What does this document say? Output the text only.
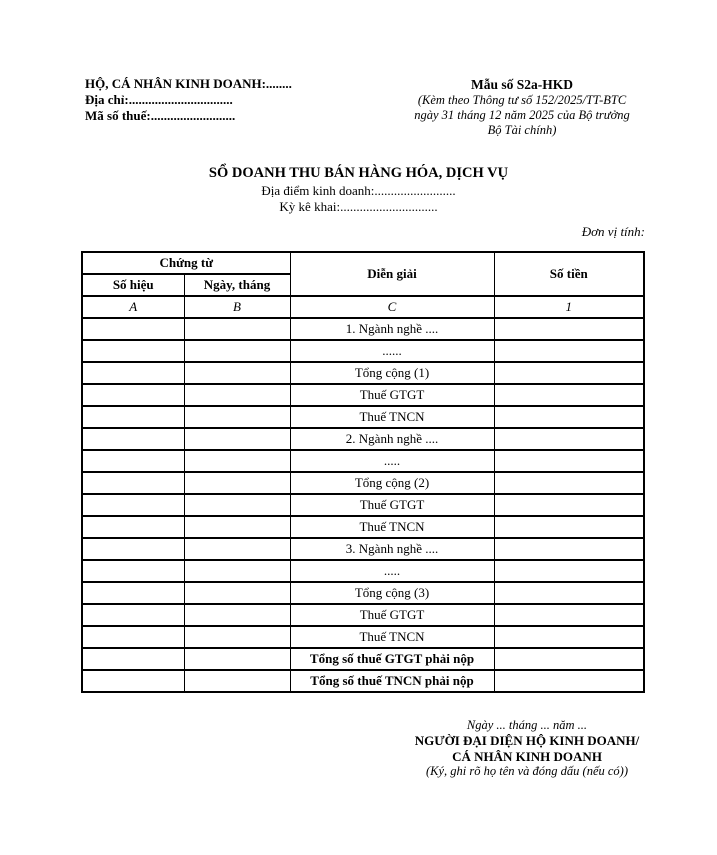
HỘ, CÁ NHÂN KINH DOANH:........
Địa chỉ:................................
Mã số thuế:..........................
Mẫu số S2a-HKD
(Kèm theo Thông tư số 152/2025/TT-BTC
ngày 31 tháng 12 năm 2025 của Bộ trưởng
Bộ Tài chính)
SỔ DOANH THU BÁN HÀNG HÓA, DỊCH VỤ
Địa điểm kinh doanh:.........................
Kỳ kê khai:..............................
Đơn vị tính:
Chứng từ		Diễn giải	Số tiền
Số hiệu	Ngày, tháng		
A	B	C	1
		1. Ngành nghề ....	
		......	
		Tổng cộng (1)	
		Thuế GTGT	
		Thuế TNCN	
		2. Ngành nghề ....	
		.....	
		Tổng cộng (2)	
		Thuế GTGT	
		Thuế TNCN	
		3. Ngành nghề ....	
		.....	
		Tổng cộng (3)	
		Thuế GTGT	
		Thuế TNCN	
		Tổng số thuế GTGT phải nộp	
		Tổng số thuế TNCN phải nộp	
Ngày ... tháng ... năm ...
NGƯỜI ĐẠI DIỆN HỘ KINH DOANH/
CÁ NHÂN KINH DOANH
(Ký, ghi rõ họ tên và đóng dấu (nếu có))
